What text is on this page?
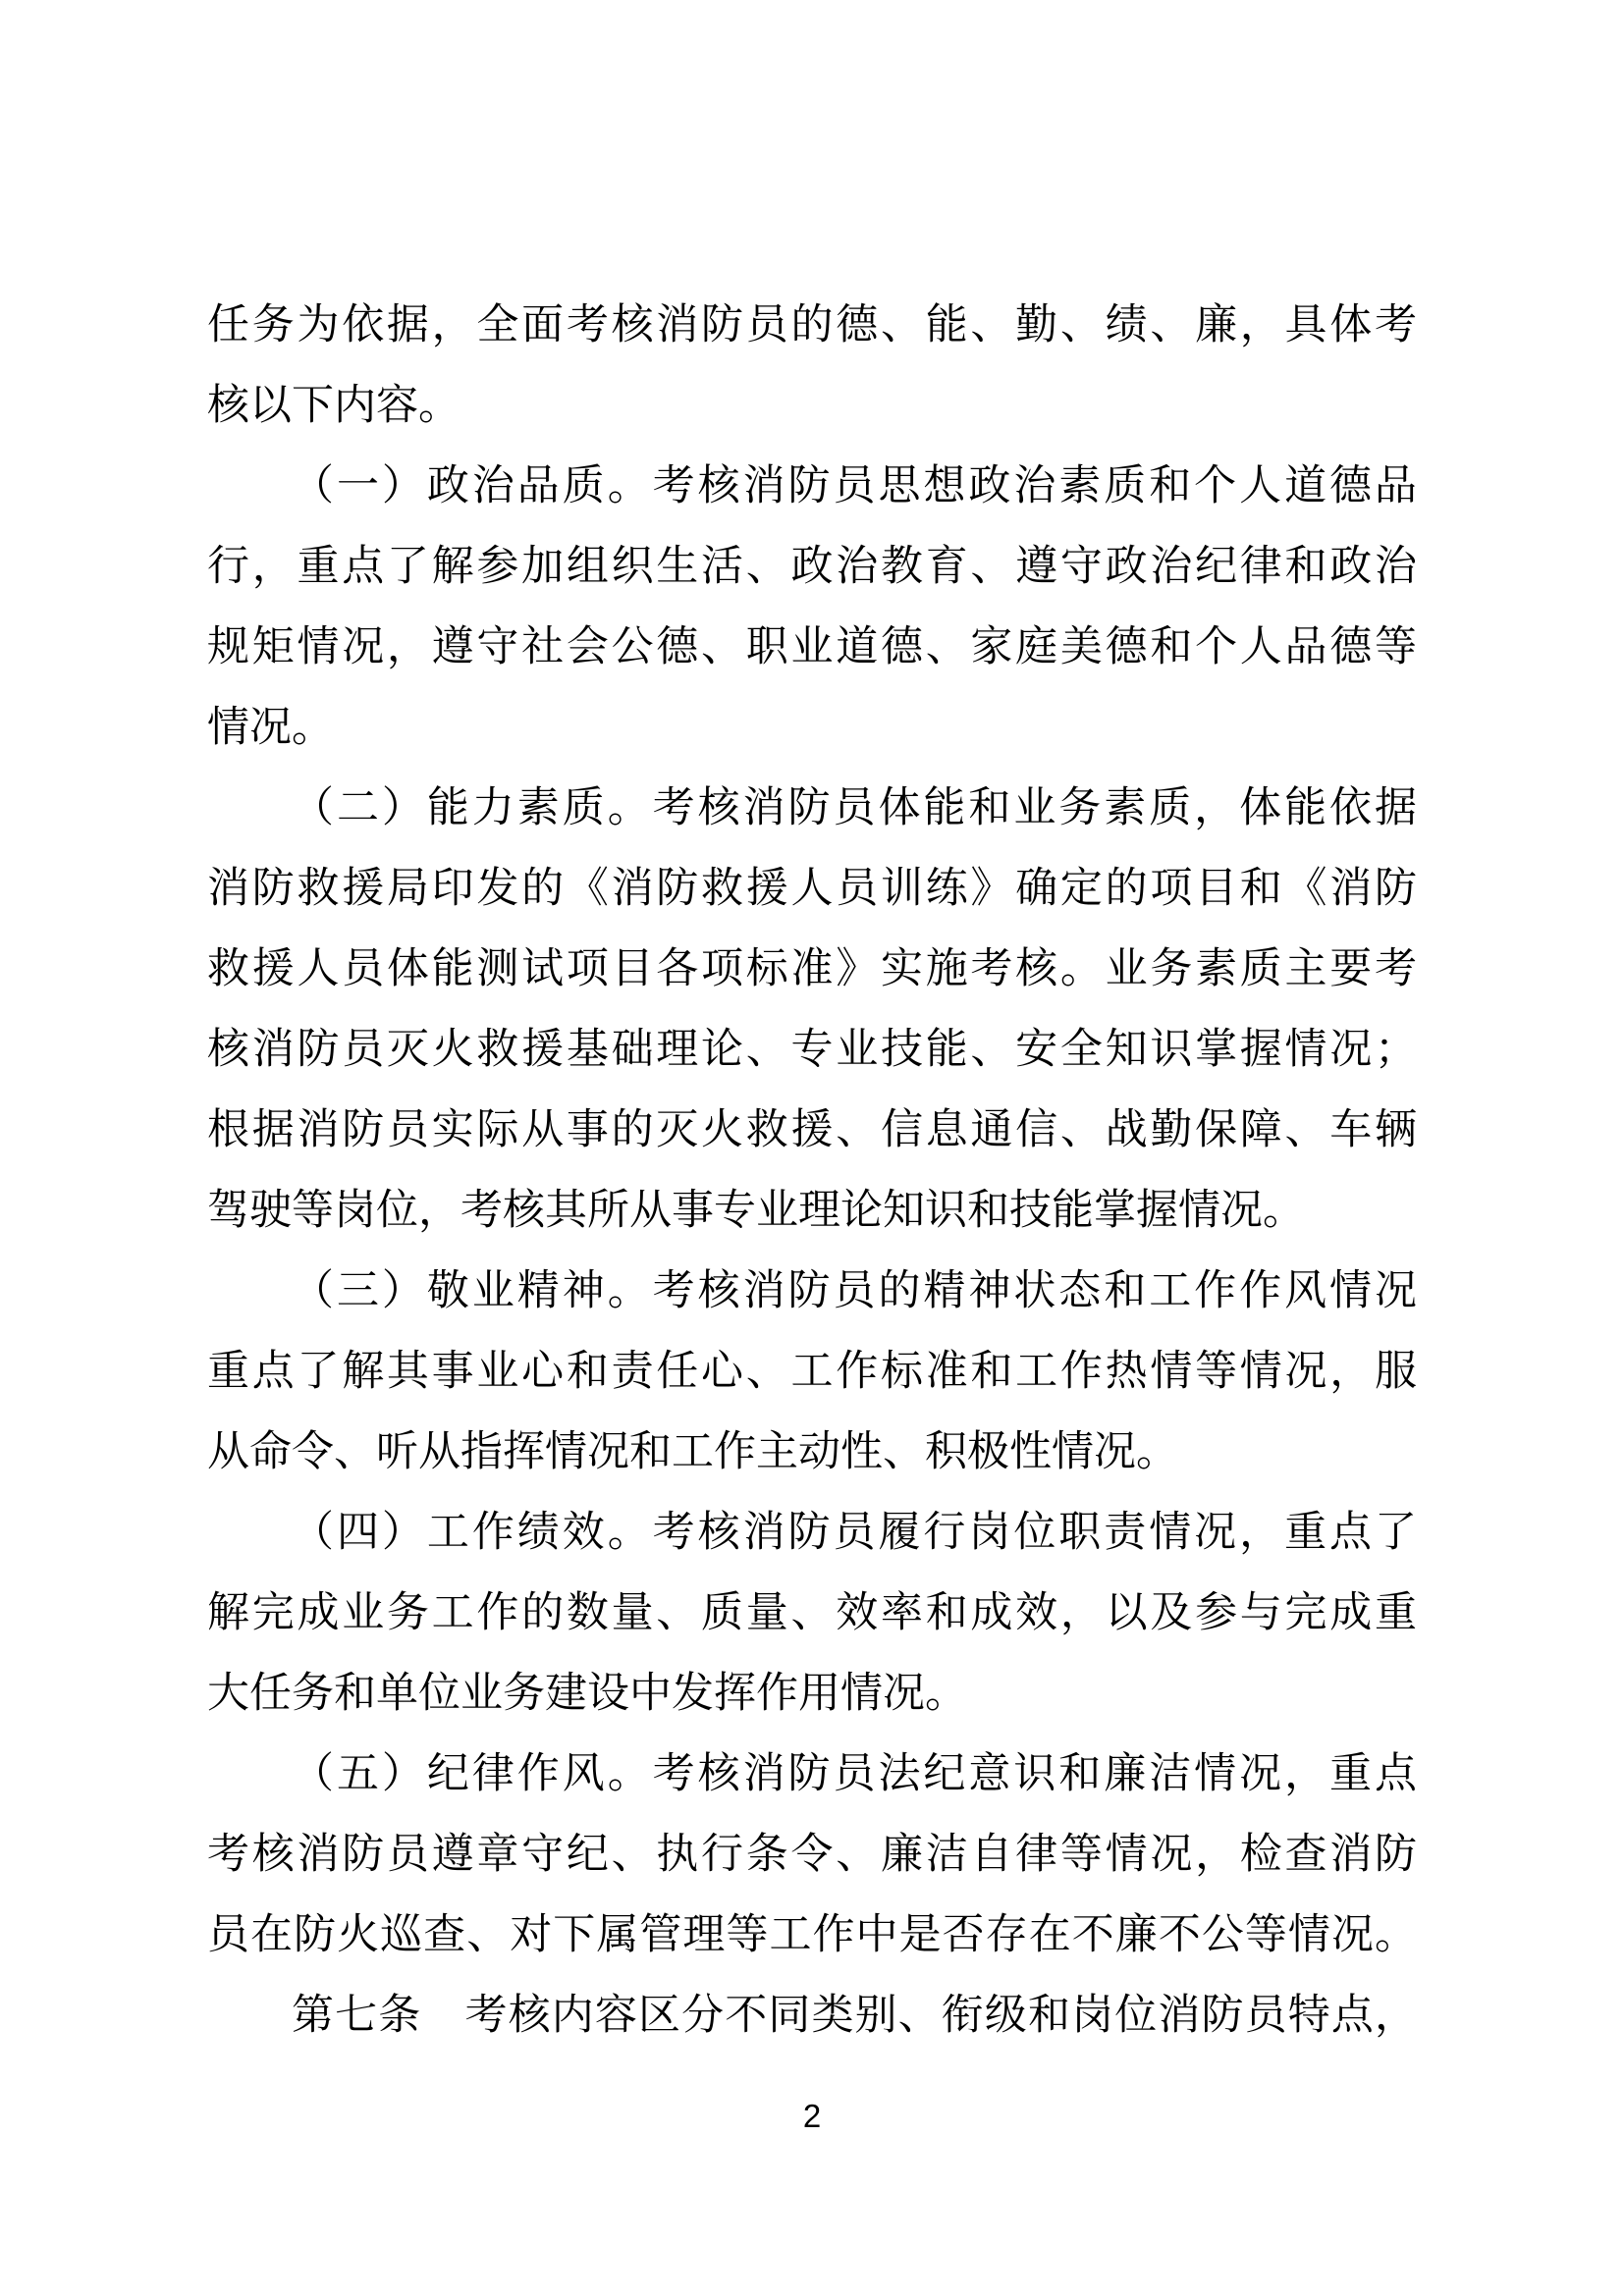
任务为依据，全面考核消防员的德、能、勤、绩、廉，具体考
核以下内容。
（一）政治品质。考核消防员思想政治素质和个人道德品
行，重点了解参加组织生活、政治教育、遵守政治纪律和政治
规矩情况，遵守社会公德、职业道德、家庭美德和个人品德等
情况。
（二）能力素质。考核消防员体能和业务素质，体能依据
消防救援局印发的《消防救援人员训练》确定的项目和《消防
救援人员体能测试项目各项标准》实施考核。业务素质主要考
核消防员灭火救援基础理论、专业技能、安全知识掌握情况；
根据消防员实际从事的灭火救援、信息通信、战勤保障、车辆
驾驶等岗位，考核其所从事专业理论知识和技能掌握情况。
（三）敬业精神。考核消防员的精神状态和工作作风情况
重点了解其事业心和责任心、工作标准和工作热情等情况，服
从命令、听从指挥情况和工作主动性、积极性情况。
（四）工作绩效。考核消防员履行岗位职责情况，重点了
解完成业务工作的数量、质量、效率和成效，以及参与完成重
大任务和单位业务建设中发挥作用情况。
（五）纪律作风。考核消防员法纪意识和廉洁情况，重点
考核消防员遵章守纪、执行条令、廉洁自律等情况，检查消防
员在防火巡查、对下属管理等工作中是否存在不廉不公等情况。
第七条　考核内容区分不同类别、衔级和岗位消防员特点，
2
